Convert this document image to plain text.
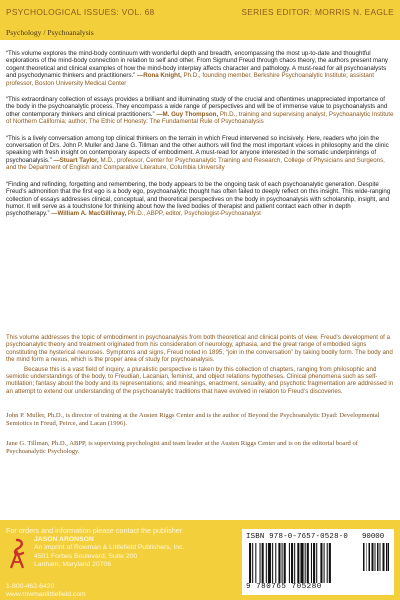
PSYCHOLOGICAL ISSUES: VOL. 68	SERIES EDITOR: MORRIS N. EAGLE
Psychology / Psychoanalysis

“This volume explores the mind-body continuum with wonderful depth and breadth, encompassing the most up-to-date and thoughtful explorations of the mind-body connection in relation to self and other. From Sigmund Freud through chaos theory, the authors present many cogent theoretical and clinical examples of how the mind-body interplay affects character and pathology. A must-read for all psychoanalysts and psychodynamic thinkers and practitioners.” —Rona Knight, Ph.D., founding member, Berkshire Psychoanalytic Institute; assistant professor, Boston University Medical Center

“This extraordinary collection of essays provides a brilliant and illuminating study of the crucial and oftentimes unappreciated importance of the body in the psychoanalytic process. They encompass a wide range of perspectives and will be of immense value to psychoanalysts and other contemporary thinkers and clinical practitioners.” —M. Guy Thompson, Ph.D., training and supervising analyst, Psychoanalytic Institute of Northern California; author, The Ethic of Honesty: The Fundamental Rule of Psychoanalysis

“This is a lively conversation among top clinical thinkers on the terrain in which Freud intervened so incisively. Here, readers who join the conversation of Drs. John P. Muller and Jane G. Tillman and the other authors will find the most important voices in philosophy and the clinic speaking with fresh insight on contemporary aspects of embodiment. A must-read for anyone interested in the somatic underpinnings of psychoanalysis.” —Stuart Taylor, M.D., professor, Center for Psychoanalytic Training and Research, College of Physicians and Surgeons, and the Department of English and Comparative Literature, Columbia University

“Finding and refinding, forgetting and remembering, the body appears to be the ongoing task of each psychoanalytic generation. Despite Freud’s admonition that the first ego is a body ego, psychoanalytic thought has often failed to deeply reflect on this insight. This wide-ranging collection of essays addresses clinical, conceptual, and theoretical perspectives on the body in psychoanalysis with scholarship, insight, and humor. It will serve as a touchstone for thinking about how the lived bodies of therapist and patient contact each other in depth psychotherapy.” —William A. MacGillivray, Ph.D., ABPP, editor, Psychologist-Psychoanalyst

This volume addresses the topic of embodiment in psychoanalysis from both theoretical and clinical points of view. Freud’s development of a psychoanalytic theory and treatment originated from his consideration of neurology, aphasia, and the great range of embodied signs constituting the hysterical neuroses. Symptoms and signs, Freud noted in 1895, “join in the conversation” by taking bodily form. The body and the mind form a nexus, which is the proper area of study for psychoanalysis.

Because this is a vast field of inquiry, a pluralistic perspective is taken by this collection of chapters, ranging from philosophic and semiotic understandings of the body, to Freudian, Lacanian, feminist, and object relations hypotheses. Clinical phenomena such as self-mutilation; fantasy about the body and its representations; and meanings, enactment, sexuality, and psychotic fragmentation are addressed in an attempt to extend our understanding of the psychoanalytic traditions that have evolved in relation to Freud’s discoveries.

John P. Muller, Ph.D., is director of training at the Austen Riggs Center and is the author of Beyond the Psychoanalytic Dyad: Developmental Semiotics in Freud, Peirce, and Lacan (1996).
Jane G. Tillman, Ph.D., ABPP, is supervising psychologist and team leader at the Austen Riggs Center and is on the editorial board of Psychoanalytic Psychology.
For orders and information please contact the publisher
JASON ARONSON
An imprint of Rowman & Littlefield Publishers, Inc.
4501 Forbes Boulevard, Suite 200
Lanham, Maryland 20706
1-800-462-6420
www.rowmanlittlefield.com
ISBN 978-0-7657-0528-0 90000
9 780765 705280
